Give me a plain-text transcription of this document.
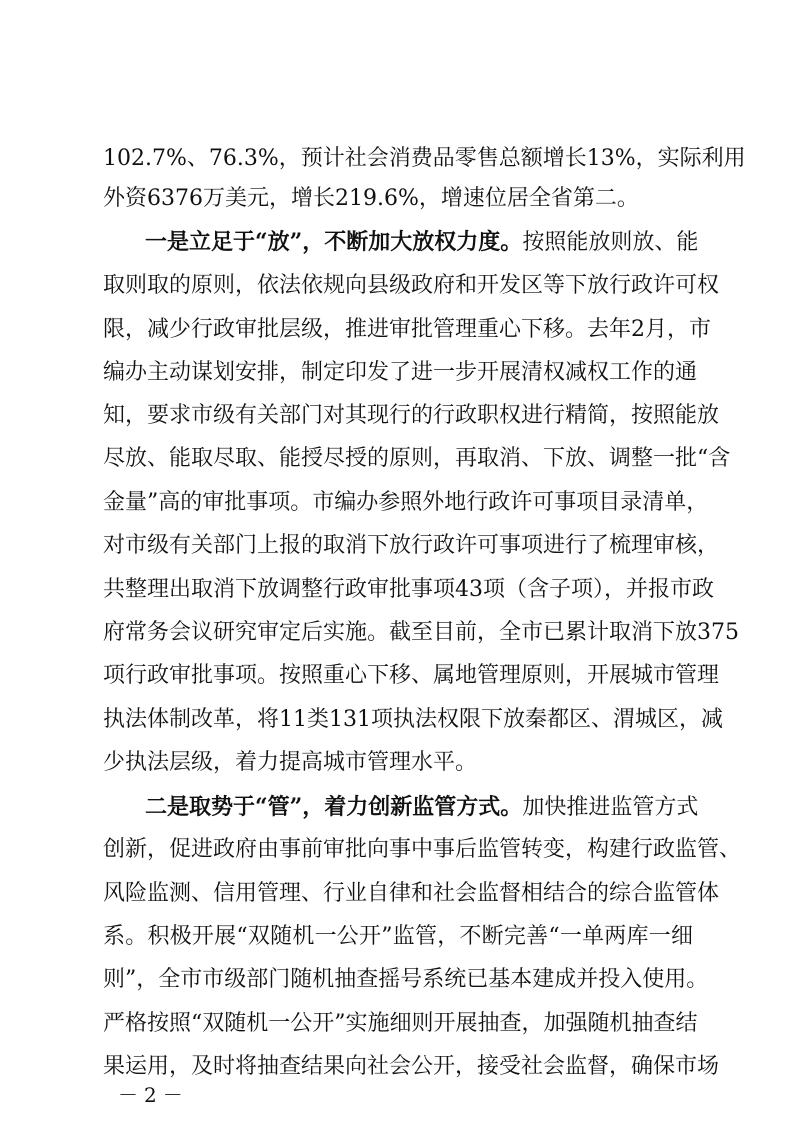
102.7%、76.3%，预计社会消费品零售总额增长13%，实际利用
外资6376万美元，增长219.6%，增速位居全省第二。
一是立足于“放”，不断加大放权力度。按照能放则放、能
取则取的原则，依法依规向县级政府和开发区等下放行政许可权
限，减少行政审批层级，推进审批管理重心下移。去年2月，市
编办主动谋划安排，制定印发了进一步开展清权减权工作的通
知，要求市级有关部门对其现行的行政职权进行精简，按照能放
尽放、能取尽取、能授尽授的原则，再取消、下放、调整一批“含
金量”高的审批事项。市编办参照外地行政许可事项目录清单，
对市级有关部门上报的取消下放行政许可事项进行了梳理审核，
共整理出取消下放调整行政审批事项43项（含子项），并报市政
府常务会议研究审定后实施。截至目前，全市已累计取消下放375
项行政审批事项。按照重心下移、属地管理原则，开展城市管理
执法体制改革，将11类131项执法权限下放秦都区、渭城区，减
少执法层级，着力提高城市管理水平。
二是取势于“管”，着力创新监管方式。加快推进监管方式
创新，促进政府由事前审批向事中事后监管转变，构建行政监管、
风险监测、信用管理、行业自律和社会监督相结合的综合监管体
系。积极开展“双随机一公开”监管，不断完善“一单两库一细
则”，全市市级部门随机抽查摇号系统已基本建成并投入使用。
严格按照“双随机一公开”实施细则开展抽查，加强随机抽查结
果运用，及时将抽查结果向社会公开，接受社会监督，确保市场
－2－
